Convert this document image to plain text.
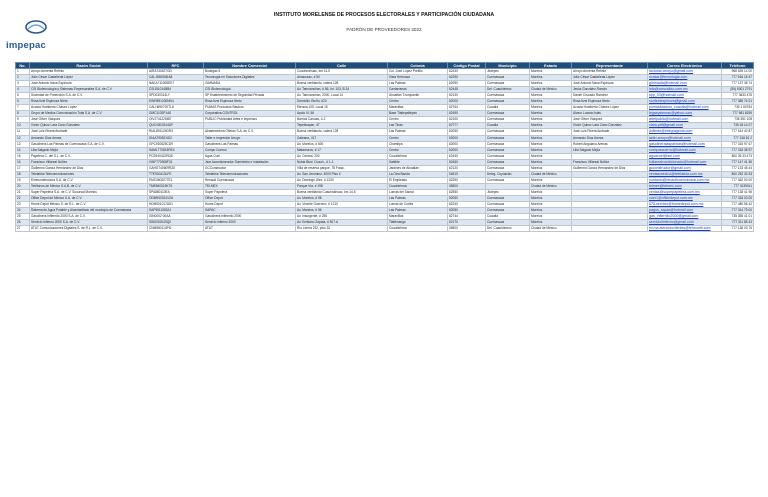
impepac
INSTITUTO MORELENSE DE PROCESOS ELECTORALES Y PARTICIPACIÓN CIUDADANA
PADRÓN DE PROVEEDORES 2022
No.	Razón Social	RFC	Nombre Comercial	Calle	Colonia	Código Postal	Municipio	Estado	Representante	Correo Electrónico	Teléfono
1	Arroyo Armenta Refinio	AIRA740427GD	Bodegas 5	Cuauhnáhuac, km 14.5	Col. José López Portillo	62430	Jiutepec	Morelos	Arroyo Armenta Refinio	facturas.arroyo@gmail.com	968 639 14 00
2	Julio César Castañeda López	CALJ650504IA8	Tecnología en Soluciones Digitales	Amacuzac, # 50	Vista Hermosa	62290	Cuernavaca	Morelos	Julio César Castañeda López	ccasar@tecnologia.com	777 516 15 47
3	José Antonio Nava Espinoza	NAEA711005EE7	GIMMADA	Buena ventilando, calera 128	Las Palmas	62050	Cuernavaca	Morelos	José Antonio Nava Espinoza	gimmada@hotmail.com	777 137 38 74
4	CSI Biotecnología y Sistemas Empresariales S.A. de C.V.	CSI151014BB4	CSI Biotecnología	Av. Tamoanchan, # 56, Int. 103, B 34	Cantarranas	62448	Del. Cuauhtémoc	Ciudad de México	Jesús González Román	info@cmscsibio.com.mx	(55) 5301 2791
5	Sociedad de Protección S.A. de C.V.	SPD030314LY	SP Establecimiento de Seguridad Privada	Av. Tamoanchan, 2000, Local 14	Ahuatlán Tzompantle	62130	Cuernavaca	Morelos	Daniel Cruzado Ramírez	spp_03@hotmail.com	777 3633 476
6	Rosa Itzel Espinoza Nieto	EINR891030NN4	Rosa Itzel Espinoza Nieto	Domicilio Otoño, 620	Centro	62000	Cuernavaca	Morelos	Rosa Itzel Espinoza Nieto	rozitzelespinoza@gmail.com	777 385 74 01
7	Acosta Humberto Chávez López	CALH690720TL6	PUMAS Productos Básicos	Etencia 105, Local 15	Maravillas	62764	Cuautla	Morelos	Acosta Humberto Chávez López	pumasbasicos_cuautla@hotmail.com	735 1 60784
8	Grupo de Medios Comunicación Total S.A. de C.V.	GMC1102P1A0	Corporativa CONTROL	Apolo III, 56	Base Tlaltepaltepec	62450	Cuernavaca	Morelos	Álvaro Lozano Islas	legasystemas@yahoo.com	777 581 8255
9	José Oliver Vázquez	OIVJ741225IB7	PUBLIC Publicidad Artes e Impresos	Barrios Canoas, 4-2	Centro	62100	Cuernavaca	Morelos	José Oliver Vázquez	artelpublic@hotmail.com	735 351 108
10	Víctor Quiroz Lara Cano González	QUCV810314UF		Tepetlcapan, 47	Las Tinas	62777	Cuautla	Morelos	Víctor Quiroz Lara Cano González	vlara.pdf@gmail.com	735 18 14 07
11	José Luis Rivera Andrade	RIAL891124DR3	Abastecedora Ofimax S.A. de C.V.	Buena ventilando, calera 128	Las Palmas	62050	Cuernavaca	Morelos	José Luis Rivera Andrade	jlofimax@integragenia.com	777 514 40 87
12	Armando Díaz Armas	DIAA790521ID2	Taller e Impresión Arroyo	Galeana, 417	Centro	62000	Cuernavaca	Morelos	Armando Díaz Armas	taller.arroyo@hotmail.com	777 318 81 2
13	Gasolinera Las Palmas de Cuernavaca S.A. de C.V.	GPC930625CD9	Gasolinera Las Palmas	Av. Morelos, # 600	Chamilpa	62000	Cuernavaca	Morelos	Robert Anguiano Arenas	gasolineralaspalmas@hotmail.com	777 315 97 67
14	Lilia Salgado Mejía	SAML770815RE4	Compu Cuerno	Matamoros, # 17	Centro	62000	Cuernavaca	Morelos	Lilia Salgado Mejía	compuscuerno@hotmail.com	777 318 38 97
15	Papelera C. del S.L. de C.V.	PCS940422RD8	Agua Cuel	Av. Central, 200	Cuauhtémoc	62440	Cuernavaca	Morelos		aguacuel@aol.com	800 35 33 473
16	Francisco Villareal Núñez	VINF770308F31	Jsar Acondicionador Suministro e Instalación	Nubia Blvd. Cuauh., # 1-1	Satélite	62460	Cuernavaca	Morelos	Francisco Villareal Núñez	fvillarealcondicionado@hotmail.com	777 147 41 36
17	Guillermo García Hernández de Dios	GAHG740609RZ0	GCConstructor	Villa de reserva parque, 78 Fracc.	Jardines de Ahuatlán	62120	Cuernavaca	Morelos	Guillermo García Hernández de Dios	gcconstructor@gmail.com	777 133 45 44
18	Telelatina Telecomunicaciones	TTE930413LP0	Telelatina Telecomunicaciones	Av. San Jerónimo, 4000 Piso 4	La Otra Banda	04519	Deleg. Coyoacán	Ciudad de México		ventasmexico@telelatina.com.mx	800 252 33 33
19	Emeconstructora S.A. de C.V.	EMC0602077E1	Renault Cuernavaca	Av. Domingo Diez, # 1200	El Empleado	62250	Cuernavaca	Morelos		contacto@renaultcuernavaca.com.mx	777 362 00 00
20	Teléfonos de México S.A.B. de C.V.	TME840315KT6	TELMEX	Parque Vía, # 198	Cuauhtémoc	06500		Ciudad de México		telmex@telmex.com	777 3139011
21	Super Papelera S.A. de C.V. Sucursal Morelos	SPA880110EA	Super Papelera	Buena ventilando Cuauhnáhuac, km 14.5	Lomas del Sacral	62550	Jiutepec	Morelos		ventas@superpapelera.com.mx	777 138 41 96
22	Office Depot de México S.A. de C.V.	ODM950324V2A	Office Depot	Av. Morelos, # 98	Las Palmas	62050	Cuernavaca	Morelos		cuer1@officedepot.com.mx	777 318 03 00
23	Home Depot México S. de R.L. de C.V.	HDM001017AS1	Home Depot	Av. Vicente Guerrero, # 1210	Lomas de Cortés	62240	Cuernavaca	Morelos		878.servicio@homedepot.com.mx	777 480 96 42
24	Sistema de Agua Potable y Alcantarillado del municipio de Cuernavaca	SAP9511083J4	SAPAC	Av. Morelos, # 56	Las Palmas	62050	Cuernavaca	Morelos		pagos_sapac@hotmail.com	777 314 79 00
25	Gasolinera Infiernito 2000 S.A. de C.V.	GIN0002 00AA	Gasolinera infiernito 2000	Av. Insurgente, # 256	Maravillas	62744	Cuautla	Morelos		gas_infiernito2000@gmail.com	735 355 41 01
26	Servicio Infierno 2000 S.A. de C.V.	SIN0002049Q0	Servicio infierno 2000	Av. Emiliano Zapata, # 507-A	Tlaltenango	62170	Cuernavaca	Morelos		serviciolinfierno@gmail.com	777 311 85 43
27	AT&T Comunicaciones Digitales S. de R.L. de C.V.	CNM980114PI2	AT&T	Río Lerma 232, piso 32	Cuauhtémoc	06500	Del. Cuauhtémoc	Ciudad de México		ev.ma.atencionclientes@telmonth.com	777 138 03 76
